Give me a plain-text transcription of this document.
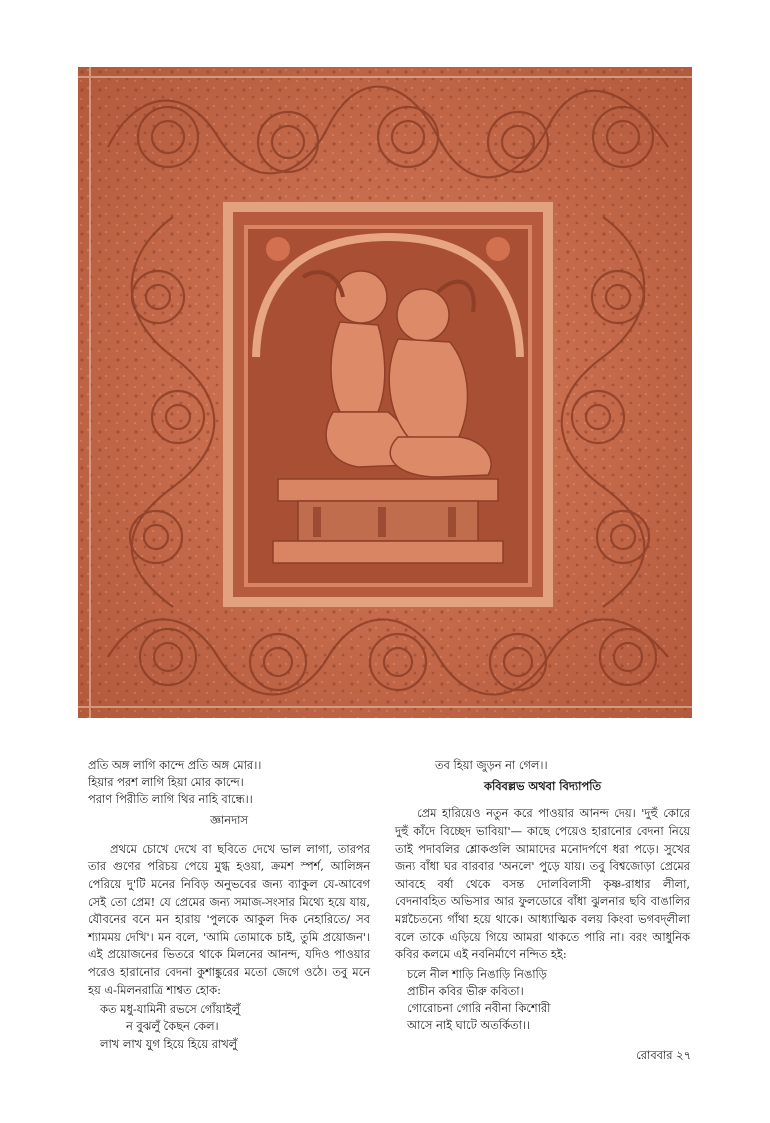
প্রতি অঙ্গ লাগি কান্দে প্রতি অঙ্গ মোর।।
হিয়ার পরশ লাগি হিয়া মোর কান্দে।
পরাণ পিরীতি লাগি থির নাহি বান্ধে।।
জ্ঞানদাস

প্রথমে চোখে দেখে বা ছবিতে দেখে ভাল লাগা, তারপর তার গুণের পরিচয় পেয়ে মুগ্ধ হওয়া, ক্রমশ স্পর্শ, আলিঙ্গন পেরিয়ে দু'টি মনের নিবিড় অনুভবের জন্য ব্যাকুল যে-আবেগ সেই তো প্রেম! যে প্রেমের জন্য সমাজ-সংসার মিথ্যে হয়ে যায়, যৌবনের বনে মন হারায় 'পুলকে আকুল দিক নেহারিতে/ সব শ্যামময় দেখি'। মন বলে, 'আমি তোমাকে চাই, তুমি প্রয়োজন'। এই প্রয়োজনের ভিতরে থাকে মিলনের আনন্দ, যদিও পাওয়ার পরেও হারানোর বেদনা কুশাঙ্কুরের মতো জেগে ওঠে। তবু মনে হয় এ-মিলনরাত্রি শাশ্বত হোক:

কত মধু-যামিনী রভসে গোঁয়াইলুঁ
ন বুঝলুঁ কৈছন কেল।
লাখ লাখ যুগ হিয়ে হিয়ে রাখলুঁ
তব হিয়া জুড়ন না গেল।।
কবিবল্লভ অথবা বিদ্যাপতি

প্রেম হারিয়েও নতুন করে পাওয়ার আনন্দ দেয়। 'দুহুঁ কোরে দুহুঁ কাঁদে বিচ্ছেদ ভাবিয়া'— কাছে পেয়েও হারানোর বেদনা নিয়ে তাই পদাবলির শ্লোকগুলি আমাদের মনোদর্পণে ধরা পড়ে। সুখের জন্য বাঁধা ঘর বারবার 'অনলে' পুড়ে যায়। তবু বিশ্বজোড়া প্রেমের আবহে বর্ষা থেকে বসন্ত দোলবিলাসী কৃষ্ণ-রাধার লীলা, বেদনাবহিত অভিসার আর ফুলডোরে বাঁধা ঝুলনার ছবি বাঙালির মগ্নচৈতন্যে গাঁথা হয়ে থাকে। আধ্যাত্মিক বলয় কিংবা ভগবদ্লীলা বলে তাকে এড়িয়ে গিয়ে আমরা থাকতে পারি না। বরং আধুনিক কবির কলমে এই নবনির্মাণে নন্দিত হই:

চলে নীল শাড়ি নিঙাড়ি নিঙাড়ি
প্রাচীন কবির ভীরু কবিতা।
গোরোচনা গোরি নবীনা কিশোরী
আসে নাই ঘাটে অতর্কিতা।।
রোববার ২৭
